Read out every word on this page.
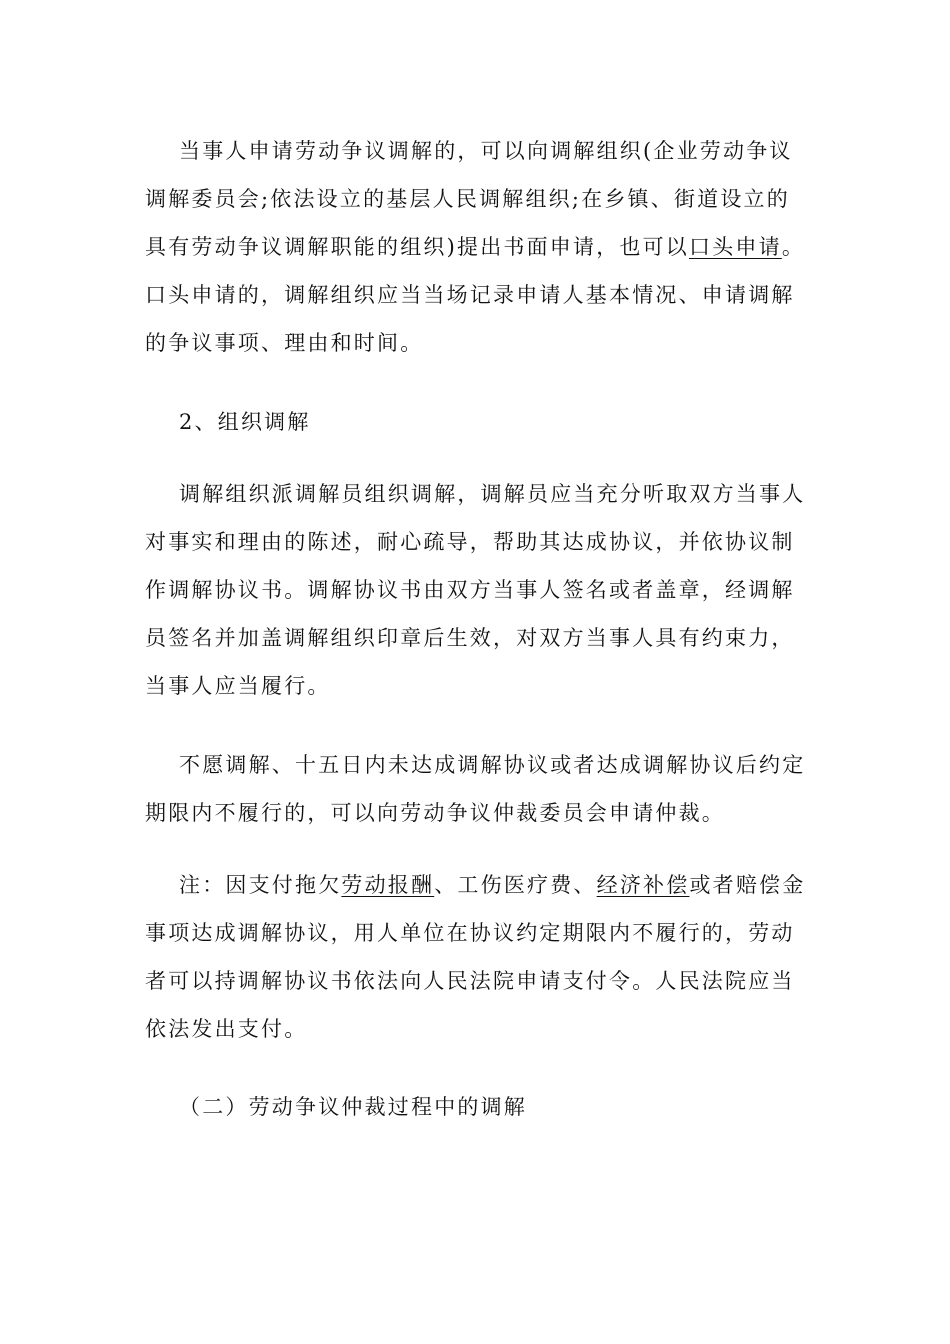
当事人申请劳动争议调解的，可以向调解组织(企业劳动争议调解委员会;依法设立的基层人民调解组织;在乡镇、街道设立的具有劳动争议调解职能的组织)提出书面申请，也可以口头申请。口头申请的，调解组织应当当场记录申请人基本情况、申请调解的争议事项、理由和时间。

2、组织调解

调解组织派调解员组织调解，调解员应当充分听取双方当事人对事实和理由的陈述，耐心疏导，帮助其达成协议，并依协议制作调解协议书。调解协议书由双方当事人签名或者盖章，经调解员签名并加盖调解组织印章后生效，对双方当事人具有约束力，当事人应当履行。

不愿调解、十五日内未达成调解协议或者达成调解协议后约定期限内不履行的，可以向劳动争议仲裁委员会申请仲裁。

注：因支付拖欠劳动报酬、工伤医疗费、经济补偿或者赔偿金事项达成调解协议，用人单位在协议约定期限内不履行的，劳动者可以持调解协议书依法向人民法院申请支付令。人民法院应当依法发出支付。

（二）劳动争议仲裁过程中的调解
